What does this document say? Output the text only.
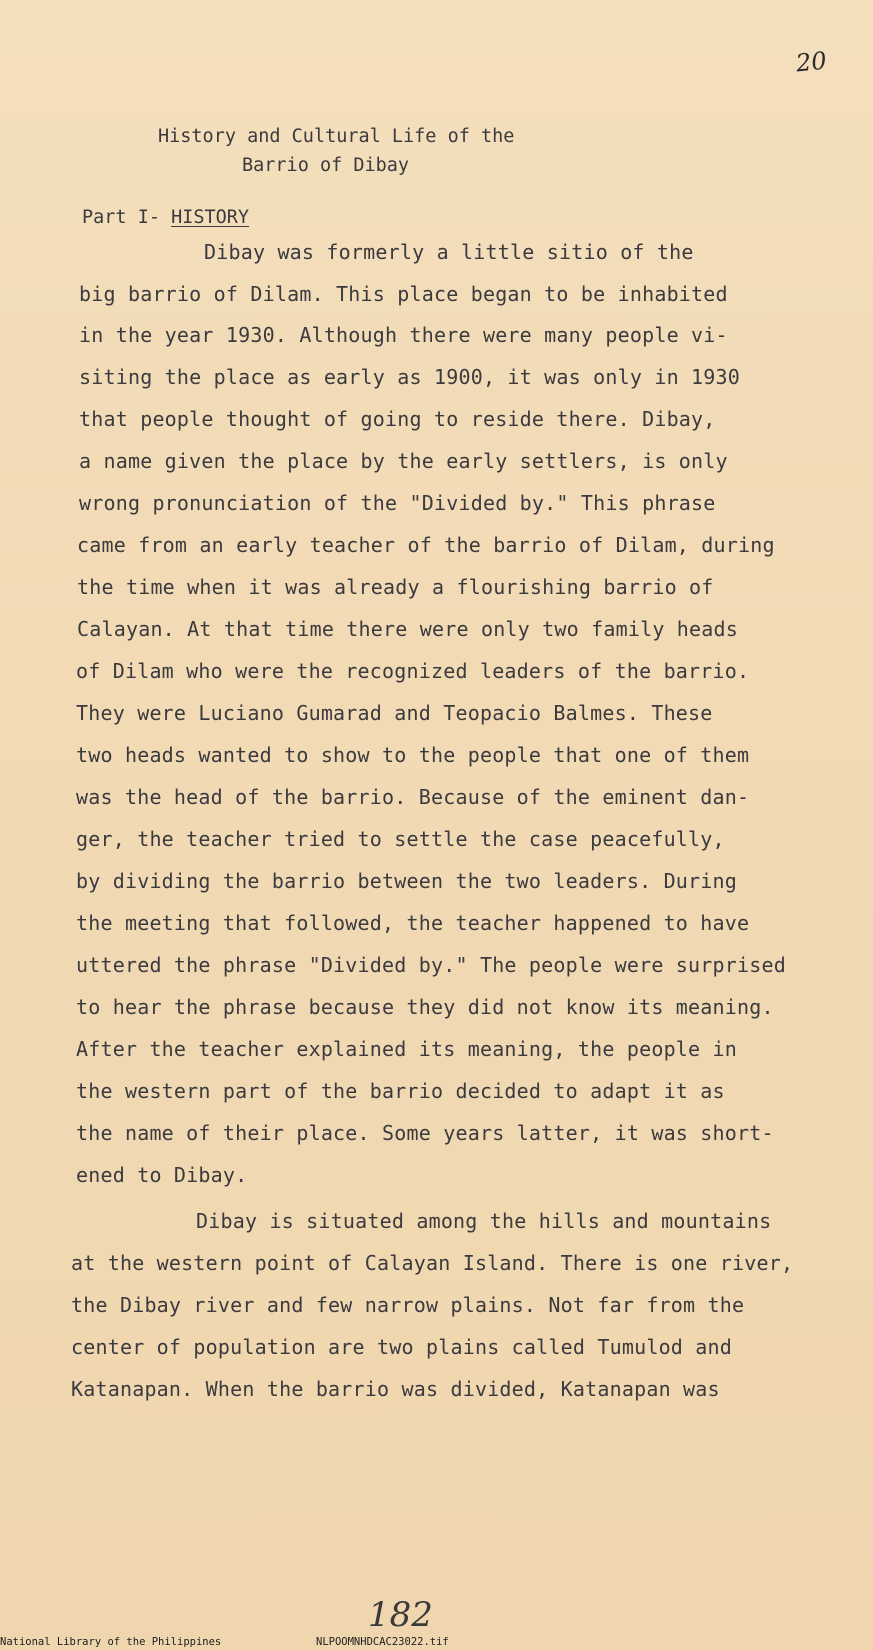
20
History and Cultural Life of the
Barrio of Dibay
Part I- HISTORY
Dibay was formerly a little sitio of the
big barrio of Dilam. This place began to be inhabited
in the year 1930. Although there were many people vi-
siting the place as early as 1900, it was only in 1930
that people thought of going to reside there. Dibay,
a name given the place by the early settlers, is only
wrong pronunciation of the "Divided by." This phrase
came from an early teacher of the barrio of Dilam, during
the time when it was already a flourishing barrio of
Calayan. At that time there were only two family heads
of Dilam who were the recognized leaders of the barrio.
They were Luciano Gumarad and Teopacio Balmes. These
two heads wanted to show to the people that one of them
was the head of the barrio. Because of the eminent dan-
ger, the teacher tried to settle the case peacefully,
by dividing the barrio between the two leaders. During
the meeting that followed, the teacher happened to have
uttered the phrase "Divided by." The people were surprised
to hear the phrase because they did not know its meaning.
After the teacher explained its meaning, the people in
the western part of the barrio decided to adapt it as
the name of their place. Some years latter, it was short-
ened to Dibay.
Dibay is situated among the hills and mountains
at the western point of Calayan Island. There is one river,
the Dibay river and few narrow plains. Not far from the
center of population are two plains called Tumulod and
Katanapan. When the barrio was divided, Katanapan was
182
National Library of the Philippines	NLPOOMNHDCAC23022.tif
